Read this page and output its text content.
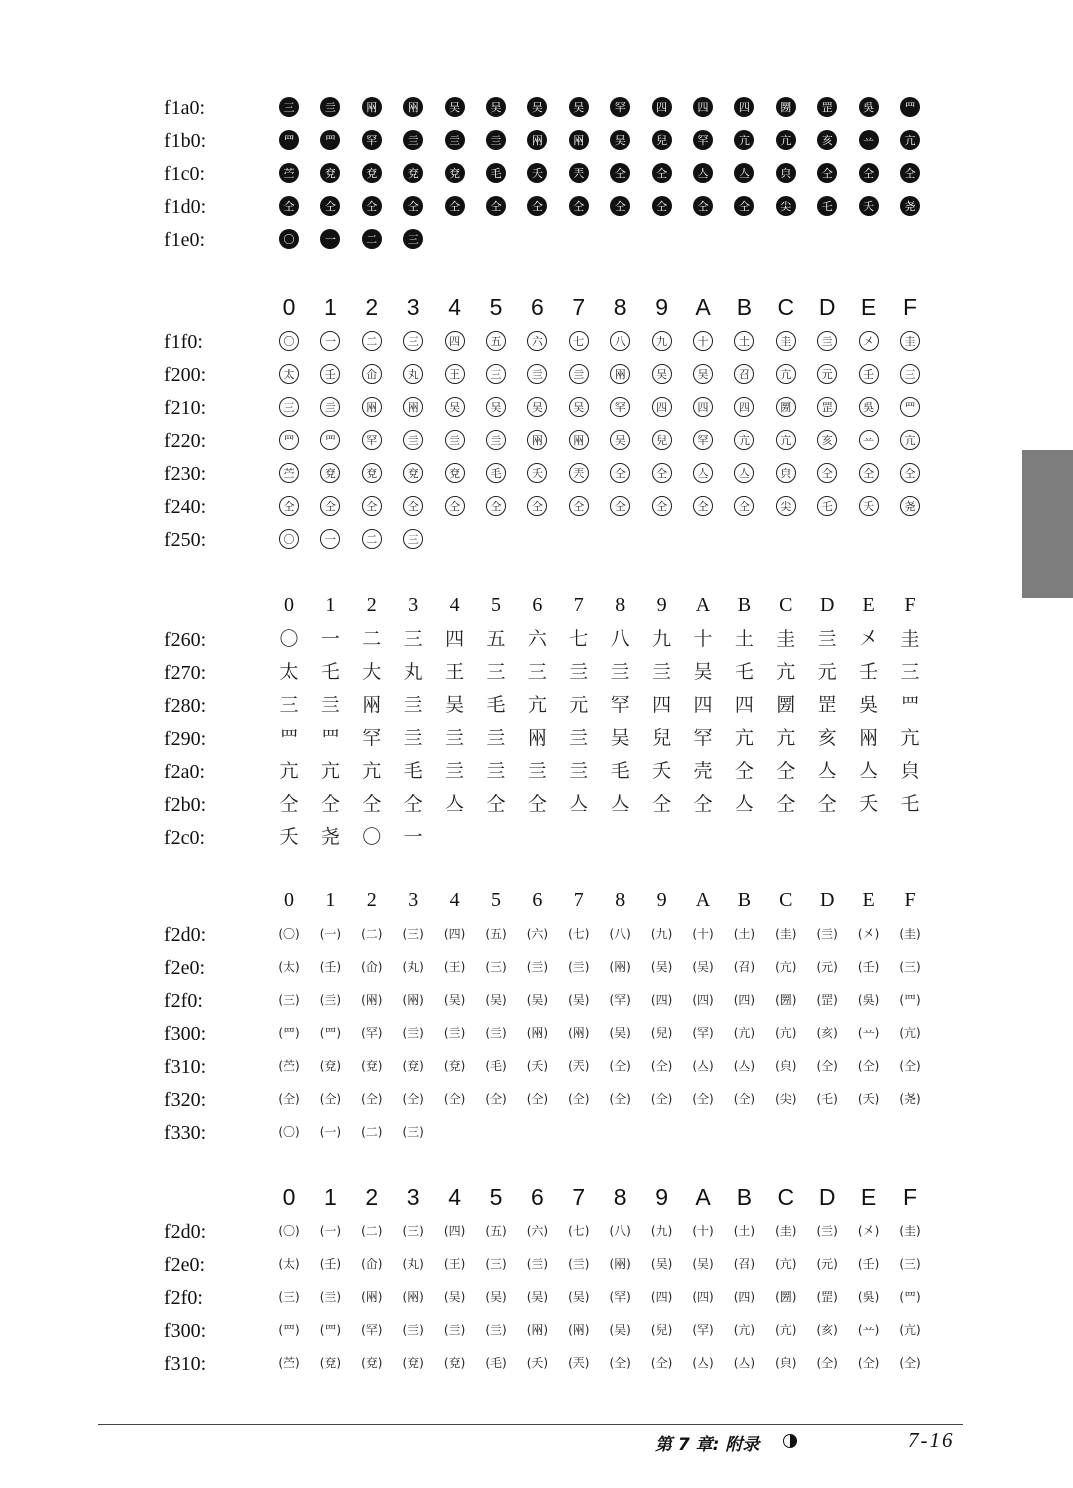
f1a0:	三	亖	㒳	㒳	吴	吴	吴	吴	罕	四	四	四	圐	罡	吳	罒
f1b0:	罒	罒	罕	亖	亖	亖	㒳	㒳	吴	兒	罕	亢	亢	亥	䒑	亢
f1c0:	苎	兗	兗	兗	兗	毛	夭	兲	仝	仝	亼	亼	㒵	仝	仝	仝
f1d0:	仝	仝	仝	仝	仝	仝	仝	仝	仝	仝	仝	仝	尖	乇	夭	尧
f1e0:	〇	一	二	三
0	1	2	3	4	5	6	7	8	9	A	B	C D	E	F
f1f0:	〇	一	二	三	四	五	六	七	八	九	十	土	圭	亖	㐅	圭
f200:	太	壬	仚	丸	王	三	亖	亖	㒳	吴	吴	召	亢	元	壬	三
f210:	三	亖	㒳	㒳	吴	吴	吴	吴	罕	四	四	四	圐	罡	吳	罒
f220:	罒	罒	罕	亖	亖	亖	㒳	㒳	吴	兒	罕	亢	亢	亥	䒑	亢
f230:	苎	兗	兗	兗	兗	毛	夭	兲	仝	仝	亼	亼	㒵	仝	仝	仝
f240:	仝	仝	仝	仝	仝	仝	仝	仝	仝	仝	仝	仝	尖	乇	夭	尧
f250:	〇	一	二	三
0	1	2	3	4	5	6	7	8	9	A	B	C	D	E	F
f260:	〇 一 二 三 四 五 六 七 八 九 十 土 圭 亖 㐅 圭
f270:	太 乇 大 丸 王 三 三 亖 亖 亖 吴 乇 亢 元 壬 三
f280:	三 亖 㒳 亖 吴 毛 亢 元 罕 四 四 四 圐 罡 吳 罒
f290:	罒 罒 罕 亖 亖 亖 㒳 亖 吴 兒 罕 亢 亢 亥 㒳 亢
f2a0:	亢 亢 亢 毛 亖 亖 亖 亖 毛 夭 壳 仝 仝 亼 亼 㒵
f2b0:	仝 仝 仝 仝 亼 仝 仝 亼 亼 仝 仝 亼 仝 仝 夭 乇
f2c0:	夭 尧 〇 一
0	1	2	3	4	5	6	7	8	9	A	B	C	D	E	F
f2d0:	(〇) (一) (二) (三) (四) (五) (六) (七) (八) (九) (十) (土) (圭) (亖) (㐅) (圭)
f2e0:	(太) (壬) (仚) (丸) (王) (三) (亖) (亖) (㒳) (吴) (吴) (召) (亢) (元) (壬) (三)
f2f0:	(三) (亖) (㒳) (㒳) (吴) (吴) (吴) (吴) (罕) (四) (四) (四) (圐) (罡) (吳) (罒)
f300:	(罒) (罒) (罕) (亖) (亖) (亖) (㒳) (㒳) (吴) (兒) (罕) (亢) (亢) (亥) (䒑) (亢)
f310:	(苎) (兗) (兗) (兗) (兗) (毛) (夭) (兲) (仝) (仝) (亼) (亼) (㒵) (仝) (仝) (仝)
f320:	(仝) (仝) (仝) (仝) (仝) (仝) (仝) (仝) (仝) (仝) (仝) (仝) (尖) (乇) (夭) (尧)
f330:	(〇) (一) (二) (三)
0	1	2	3	4	5	6	7	8	9	A	B	C D	E	F
f2d0:	(〇) (一) (二) (三) (四) (五) (六) (七) (八) (九) (十) (土) (圭) (亖) (㐅) (圭)
f2e0:	(太) (壬) (仚) (丸) (王) (三) (亖) (亖) (㒳) (吴) (吴) (召) (亢) (元) (壬) (三)
f2f0:	(三) (亖) (㒳) (㒳) (吴) (吴) (吴) (吴) (罕) (四) (四) (四) (圐) (罡) (吳) (罒)
f300:	(罒) (罒) (罕) (亖) (亖) (亖) (㒳) (㒳) (吴) (兒) (罕) (亢) (亢) (亥) (䒑) (亢)
f310:	(苎) (兗) (兗) (兗) (兗) (毛) (夭) (兲) (仝) (仝) (亼) (亼) (㒵) (仝) (仝) (仝)
第 7 章: 附录	7-16
